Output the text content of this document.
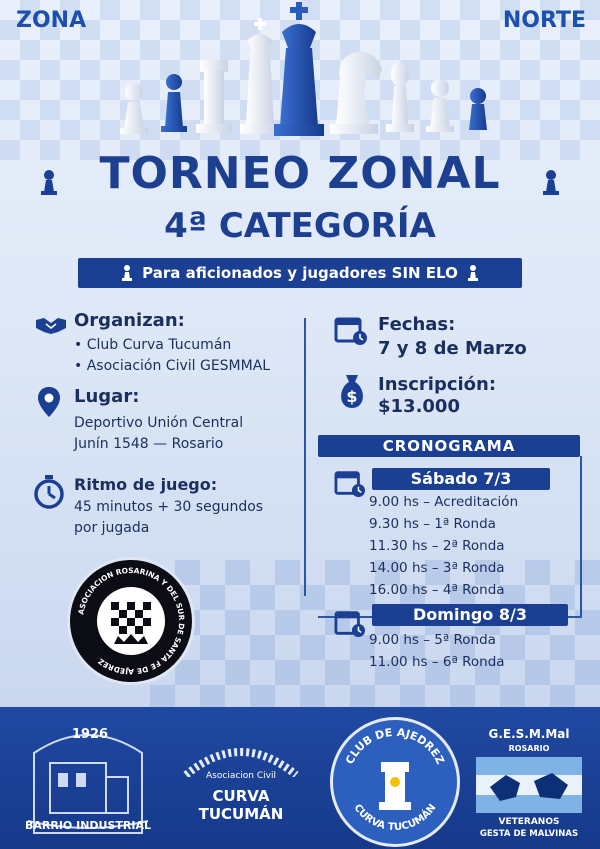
ZONA	NORTE
TORNEO ZONAL
4ª CATEGORÍA
Para aficionados y jugadores SIN ELO
Organizan:
• Club Curva Tucumán
• Asociación Civil GESMMAL
Lugar:
Deportivo Unión Central
Junín 1548 — Rosario
Ritmo de juego:
45 minutos + 30 segundos
por jugada
Fechas:
7 y 8 de Marzo
$
Inscripción:
$13.000
CRONOGRAMA
Sábado 7/3
9.00 hs – Acreditación
9.30 hs – 1ª Ronda
11.30 hs – 2ª Ronda
14.00 hs – 3ª Ronda
16.00 hs – 4ª Ronda
Domingo 8/3
9.00 hs – 5ª Ronda
11.00 hs – 6ª Ronda
ASOCIACION ROSARINA Y DEL SUR DE SANTA FE DE AJEDREZ
1926
BARRIO INDUSTRIAL
Asociacion Civil
CURVA TUCUMÁN
CLUB DE AJEDREZ
CURVA TUCUMÁN
G.E.S.M.Mal
ROSARIO
VETERANOS
GESTA DE MALVINAS
